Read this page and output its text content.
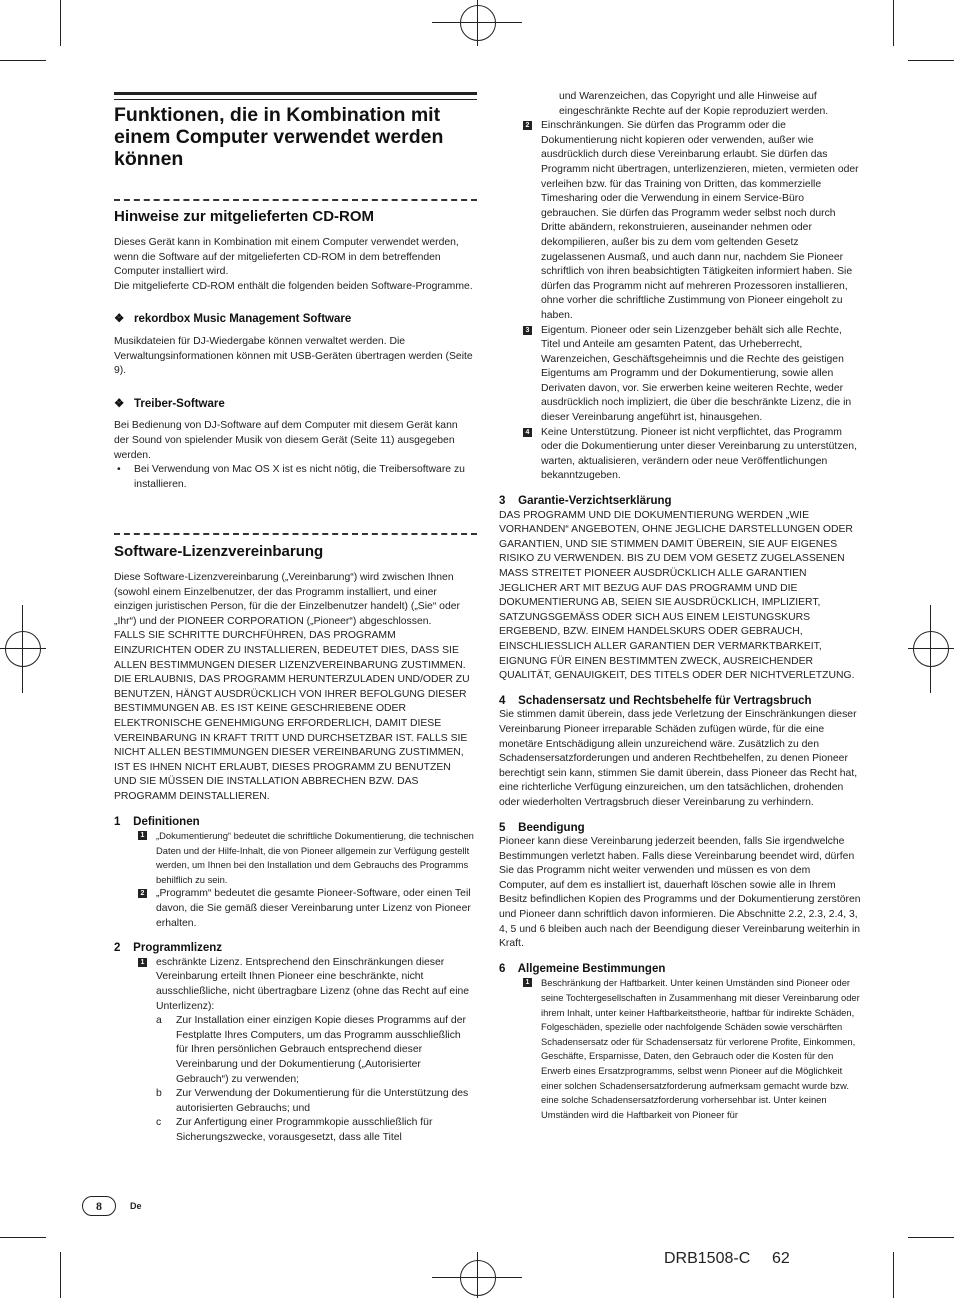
Funktionen, die in Kombination mit einem Computer verwendet werden können
Hinweise zur mitgelieferten CD-ROM

Dieses Gerät kann in Kombination mit einem Computer verwendet werden, wenn die Software auf der mitgelieferten CD-ROM in dem betreffenden Computer installiert wird.

Die mitgelieferte CD-ROM enthält die folgenden beiden Software-Programme.

❖ rekordbox Music Management Software

Musikdateien für DJ-Wiedergabe können verwaltet werden. Die Verwaltungsinformationen können mit USB-Geräten übertragen werden (Seite 9).

❖ Treiber-Software

Bei Bedienung von DJ-Software auf dem Computer mit diesem Gerät kann der Sound von spielender Musik von diesem Gerät (Seite 11) ausgegeben werden.

• Bei Verwendung von Mac OS X ist es nicht nötig, die Treibersoftware zu installieren.
Software-Lizenzvereinbarung

Diese Software-Lizenzvereinbarung („Vereinbarung“) wird zwischen Ihnen (sowohl einem Einzelbenutzer, der das Programm installiert, und einer einzigen juristischen Person, für die der Einzelbenutzer handelt) („Sie“ oder „Ihr“) und der PIONEER CORPORATION („Pioneer“) abgeschlossen.

FALLS SIE SCHRITTE DURCHFÜHREN, DAS PROGRAMM EINZURICHTEN ODER ZU INSTALLIEREN, BEDEUTET DIES, DASS SIE ALLEN BESTIMMUNGEN DIESER LIZENZVEREINBARUNG ZUSTIMMEN. DIE ERLAUBNIS, DAS PROGRAMM HERUNTERZULADEN UND/ODER ZU BENUTZEN, HÄNGT AUSDRÜCKLICH VON IHRER BEFOLGUNG DIESER BESTIMMUNGEN AB. ES IST KEINE GESCHRIEBENE ODER ELEKTRONISCHE GENEHMIGUNG ERFORDERLICH, DAMIT DIESE VEREINBARUNG IN KRAFT TRITT UND DURCHSETZBAR IST. FALLS SIE NICHT ALLEN BESTIMMUNGEN DIESER VEREINBARUNG ZUSTIMMEN, IST ES IHNEN NICHT ERLAUBT, DIESES PROGRAMM ZU BENUTZEN UND SIE MÜSSEN DIE INSTALLATION ABBRECHEN BZW. DAS PROGRAMM DEINSTALLIEREN.

1    Definitionen
1 „Dokumentierung“ bedeutet die schriftliche Dokumentierung, die technischen Daten und der Hilfe-Inhalt, die von Pioneer allgemein zur Verfügung gestellt werden, um Ihnen bei den Installation und dem Gebrauchs des Programms behilflich zu sein.
2 „Programm“ bedeutet die gesamte Pioneer-Software, oder einen Teil davon, die Sie gemäß dieser Vereinbarung unter Lizenz von Pioneer erhalten.
2    Programmlizenz
1 eschränkte Lizenz. Entsprechend den Einschränkungen dieser Vereinbarung erteilt Ihnen Pioneer eine beschränkte, nicht ausschließliche, nicht übertragbare Lizenz (ohne das Recht auf eine Unterlizenz):
a Zur Installation einer einzigen Kopie dieses Programms auf der Festplatte Ihres Computers, um das Programm ausschließlich für Ihren persönlichen Gebrauch entsprechend dieser Vereinbarung und der Dokumentierung („Autorisierter Gebrauch“) zu verwenden;
b Zur Verwendung der Dokumentierung für die Unterstützung des autorisierten Gebrauchs; und
c Zur Anfertigung einer Programmkopie ausschließlich für Sicherungszwecke, vorausgesetzt, dass alle Titel

und Warenzeichen, das Copyright und alle Hinweise auf eingeschränkte Rechte auf der Kopie reproduziert werden.

2 Einschränkungen. Sie dürfen das Programm oder die Dokumentierung nicht kopieren oder verwenden, außer wie ausdrücklich durch diese Vereinbarung erlaubt. Sie dürfen das Programm nicht übertragen, unterlizenzieren, mieten, vermieten oder verleihen bzw. für das Training von Dritten, das kommerzielle Timesharing oder die Verwendung in einem Service-Büro gebrauchen. Sie dürfen das Programm weder selbst noch durch Dritte abändern, rekonstruieren, auseinander nehmen oder dekompilieren, außer bis zu dem vom geltenden Gesetz zugelassenen Ausmaß, und auch dann nur, nachdem Sie Pioneer schriftlich von ihren beabsichtigten Tätigkeiten informiert haben. Sie dürfen das Programm nicht auf mehreren Prozessoren installieren, ohne vorher die schriftliche Zustimmung von Pioneer eingeholt zu haben.
3 Eigentum. Pioneer oder sein Lizenzgeber behält sich alle Rechte, Titel und Anteile am gesamten Patent, das Urheberrecht, Warenzeichen, Geschäftsgeheimnis und die Rechte des geistigen Eigentums am Programm und der Dokumentierung, sowie allen Derivaten davon, vor. Sie erwerben keine weiteren Rechte, weder ausdrücklich noch impliziert, die über die beschränkte Lizenz, die in dieser Vereinbarung angeführt ist, hinausgehen.
4 Keine Unterstützung. Pioneer ist nicht verpflichtet, das Programm oder die Dokumentierung unter dieser Vereinbarung zu unterstützen, warten, aktualisieren, verändern oder neue Veröffentlichungen bekanntzugeben.
3    Garantie-Verzichtserklärung

DAS PROGRAMM UND DIE DOKUMENTIERUNG WERDEN „WIE VORHANDEN“ ANGEBOTEN, OHNE JEGLICHE DARSTELLUNGEN ODER GARANTIEN, UND SIE STIMMEN DAMIT ÜBEREIN, SIE AUF EIGENES RISIKO ZU VERWENDEN. BIS ZU DEM VOM GESETZ ZUGELASSENEN MASS STREITET PIONEER AUSDRÜCKLICH ALLE GARANTIEN JEGLICHER ART MIT BEZUG AUF DAS PROGRAMM UND DIE DOKUMENTIERUNG AB, SEIEN SIE AUSDRÜCKLICH, IMPLIZIERT, SATZUNGSGEMÄSS ODER SICH AUS EINEM LEISTUNGSKURS ERGEBEND, BZW. EINEM HANDELSKURS ODER GEBRAUCH, EINSCHLIESSLICH ALLER GARANTIEN DER VERMARKTBARKEIT, EIGNUNG FÜR EINEN BESTIMMTEN ZWECK, AUSREICHENDER QUALITÄT, GENAUIGKEIT, DES TITELS ODER DER NICHTVERLETZUNG.

4    Schadensersatz und Rechtsbehelfe für Vertragsbruch

Sie stimmen damit überein, dass jede Verletzung der Einschränkungen dieser Vereinbarung Pioneer irreparable Schäden zufügen würde, für die eine monetäre Entschädigung allein unzureichend wäre. Zusätzlich zu den Schadensersatzforderungen und anderen Rechtbehelfen, zu denen Pioneer berechtigt sein kann, stimmen Sie damit überein, dass Pioneer das Recht hat, eine richterliche Verfügung einzureichen, um den tatsächlichen, drohenden oder wiederholten Vertragsbruch dieser Vereinbarung zu verhindern.

5    Beendigung

Pioneer kann diese Vereinbarung jederzeit beenden, falls Sie irgendwelche Bestimmungen verletzt haben. Falls diese Vereinbarung beendet wird, dürfen Sie das Programm nicht weiter verwenden und müssen es von dem Computer, auf dem es installiert ist, dauerhaft löschen sowie alle in Ihrem Besitz befindlichen Kopien des Programms und der Dokumentierung zerstören und Pioneer dann schriftlich davon informieren. Die Abschnitte 2.2, 2.3, 2.4, 3, 4, 5 und 6 bleiben auch nach der Beendigung dieser Vereinbarung weiterhin in Kraft.

6    Allgemeine Bestimmungen
1 Beschränkung der Haftbarkeit. Unter keinen Umständen sind Pioneer oder seine Tochtergesellschaften in Zusammenhang mit dieser Vereinbarung oder ihrem Inhalt, unter keiner Haftbarkeitstheorie, haftbar für indirekte Schäden, Folgeschäden, spezielle oder nachfolgende Schäden sowie verschärften Schadensersatz oder für Schadensersatz für verlorene Profite, Einkommen, Geschäfte, Ersparnisse, Daten, den Gebrauch oder die Kosten für den Erwerb eines Ersatzprogramms, selbst wenn Pioneer auf die Möglichkeit einer solchen Schadensersatzforderung aufmerksam gemacht wurde bzw. eine solche Schadensersatzforderung vorhersehbar ist. Unter keinen Umständen wird die Haftbarkeit von Pioneer für
8	De
DRB1508-C 62
